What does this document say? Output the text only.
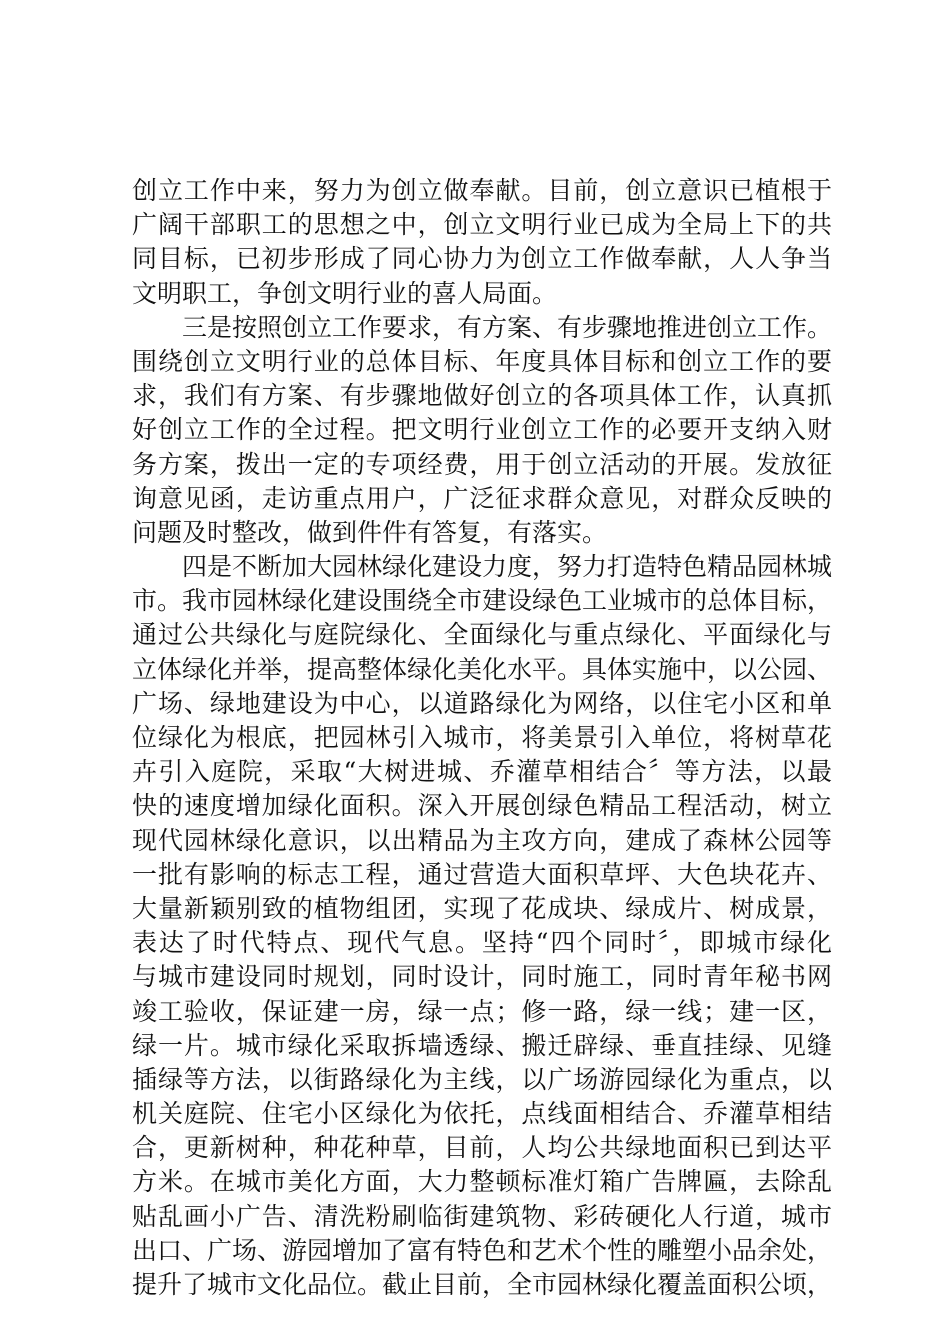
创立工作中来，努力为创立做奉献。目前，创立意识已植根于
广阔干部职工的思想之中，创立文明行业已成为全局上下的共
同目标，已初步形成了同心协力为创立工作做奉献，人人争当
文明职工，争创文明行业的喜人局面。
　　三是按照创立工作要求，有方案、有步骤地推进创立工作。
围绕创立文明行业的总体目标、年度具体目标和创立工作的要
求，我们有方案、有步骤地做好创立的各项具体工作，认真抓
好创立工作的全过程。把文明行业创立工作的必要开支纳入财
务方案，拨出一定的专项经费，用于创立活动的开展。发放征
询意见函，走访重点用户，广泛征求群众意见，对群众反映的
问题及时整改，做到件件有答复，有落实。
　　四是不断加大园林绿化建设力度，努力打造特色精品园林城
市。我市园林绿化建设围绕全市建设绿色工业城市的总体目标，
通过公共绿化与庭院绿化、全面绿化与重点绿化、平面绿化与
立体绿化并举，提高整体绿化美化水平。具体实施中，以公园、
广场、绿地建设为中心，以道路绿化为网络，以住宅小区和单
位绿化为根底，把园林引入城市，将美景引入单位，将树草花
卉引入庭院，采取“大树进城、乔灌草相结合〞等方法，以最
快的速度增加绿化面积。深入开展创绿色精品工程活动，树立
现代园林绿化意识，以出精品为主攻方向，建成了森林公园等
一批有影响的标志工程，通过营造大面积草坪、大色块花卉、
大量新颖别致的植物组团，实现了花成块、绿成片、树成景，
表达了时代特点、现代气息。坚持“四个同时〞，即城市绿化
与城市建设同时规划，同时设计，同时施工，同时青年秘书网
竣工验收，保证建一房，绿一点；修一路，绿一线；建一区，
绿一片。城市绿化采取拆墙透绿、搬迁辟绿、垂直挂绿、见缝
插绿等方法，以街路绿化为主线，以广场游园绿化为重点，以
机关庭院、住宅小区绿化为依托，点线面相结合、乔灌草相结
合，更新树种，种花种草，目前，人均公共绿地面积已到达平
方米。在城市美化方面，大力整顿标准灯箱广告牌匾，去除乱
贴乱画小广告、清洗粉刷临街建筑物、彩砖硬化人行道，城市
出口、广场、游园增加了富有特色和艺术个性的雕塑小品余处，
提升了城市文化品位。截止目前，全市园林绿化覆盖面积公顷，
